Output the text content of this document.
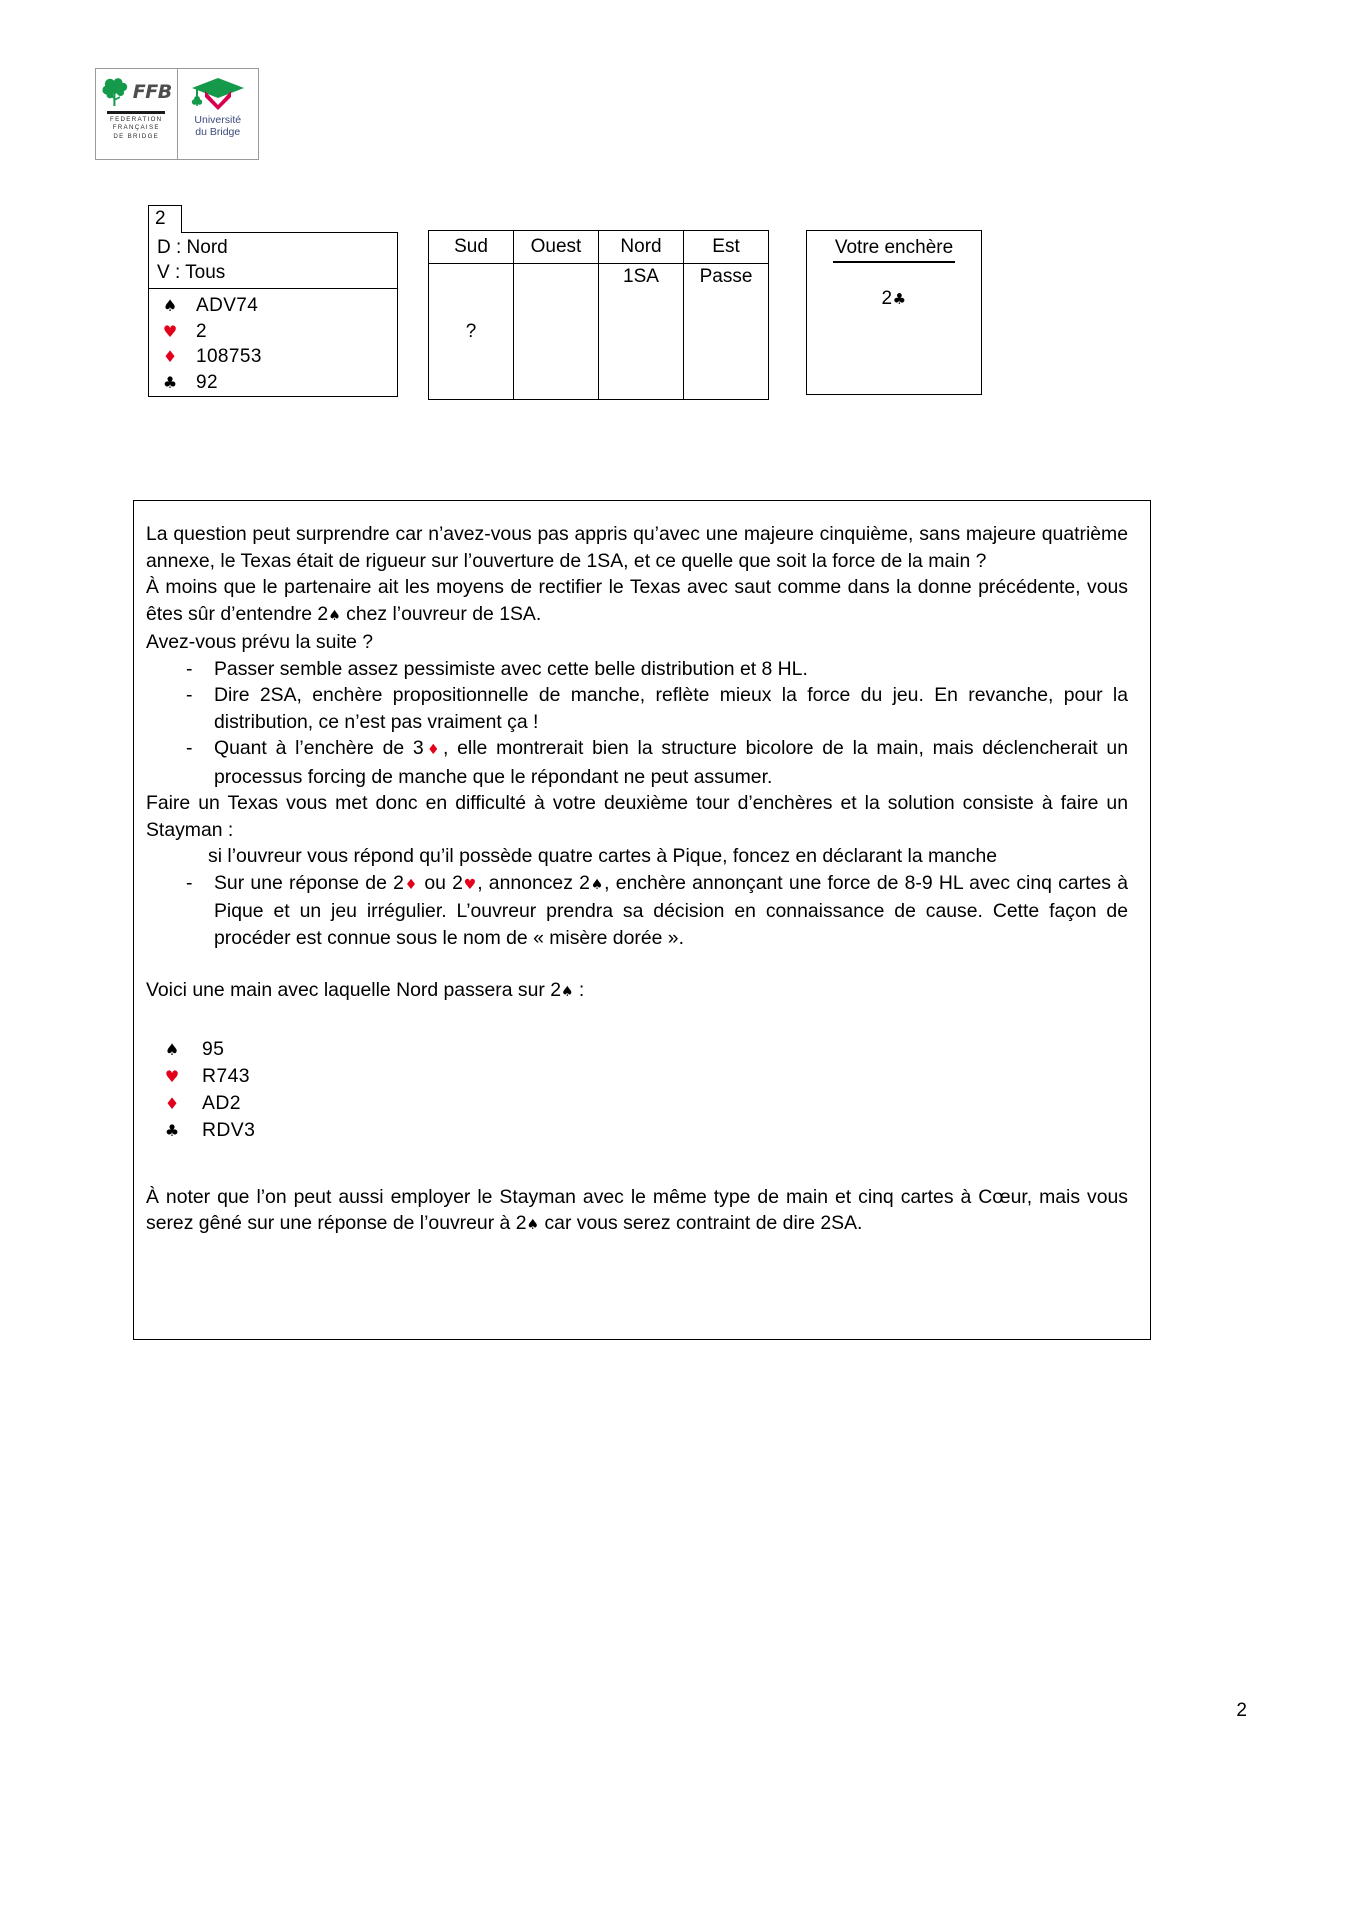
FFB
FEDERATION
FRANÇAISE
DE BRIDGE
Université
du Bridge
2
D : Nord
V : Tous
♠ ADV74
♥ 2
♦ 108753
♣ 92
Sud	Ouest	Nord	Est
?		1SA	Passe
Votre enchère
2♣

La question peut surprendre car n’avez-vous pas appris qu’avec une majeure cinquième, sans majeure quatrième annexe, le Texas était de rigueur sur l’ouverture de 1SA, et ce quelle que soit la force de la main ?

À moins que le partenaire ait les moyens de rectifier le Texas avec saut comme dans la donne précédente, vous êtes sûr d’entendre 2♠ chez l’ouvreur de 1SA.

Avez-vous prévu la suite ?

- Passer semble assez pessimiste avec cette belle distribution et 8 HL.
- Dire 2SA, enchère propositionnelle de manche, reflète mieux la force du jeu. En revanche, pour la distribution, ce n’est pas vraiment ça !
- Quant à l’enchère de 3♦, elle montrerait bien la structure bicolore de la main, mais déclencherait un processus forcing de manche que le répondant ne peut assumer.

Faire un Texas vous met donc en difficulté à votre deuxième tour d’enchères et la solution consiste à faire un Stayman :

si l’ouvreur vous répond qu’il possède quatre cartes à Pique, foncez en déclarant la manche

- Sur une réponse de 2♦ ou 2♥, annoncez 2♠, enchère annonçant une force de 8-9 HL avec cinq cartes à Pique et un jeu irrégulier. L’ouvreur prendra sa décision en connaissance de cause. Cette façon de procéder est connue sous le nom de « misère dorée ».

Voici une main avec laquelle Nord passera sur 2♠ :

♠	95
♥	R743
♦	AD2
♣	RDV3

À noter que l’on peut aussi employer le Stayman avec le même type de main et cinq cartes à Cœur, mais vous serez gêné sur une réponse de l’ouvreur à 2♠ car vous serez contraint de dire 2SA.

2
